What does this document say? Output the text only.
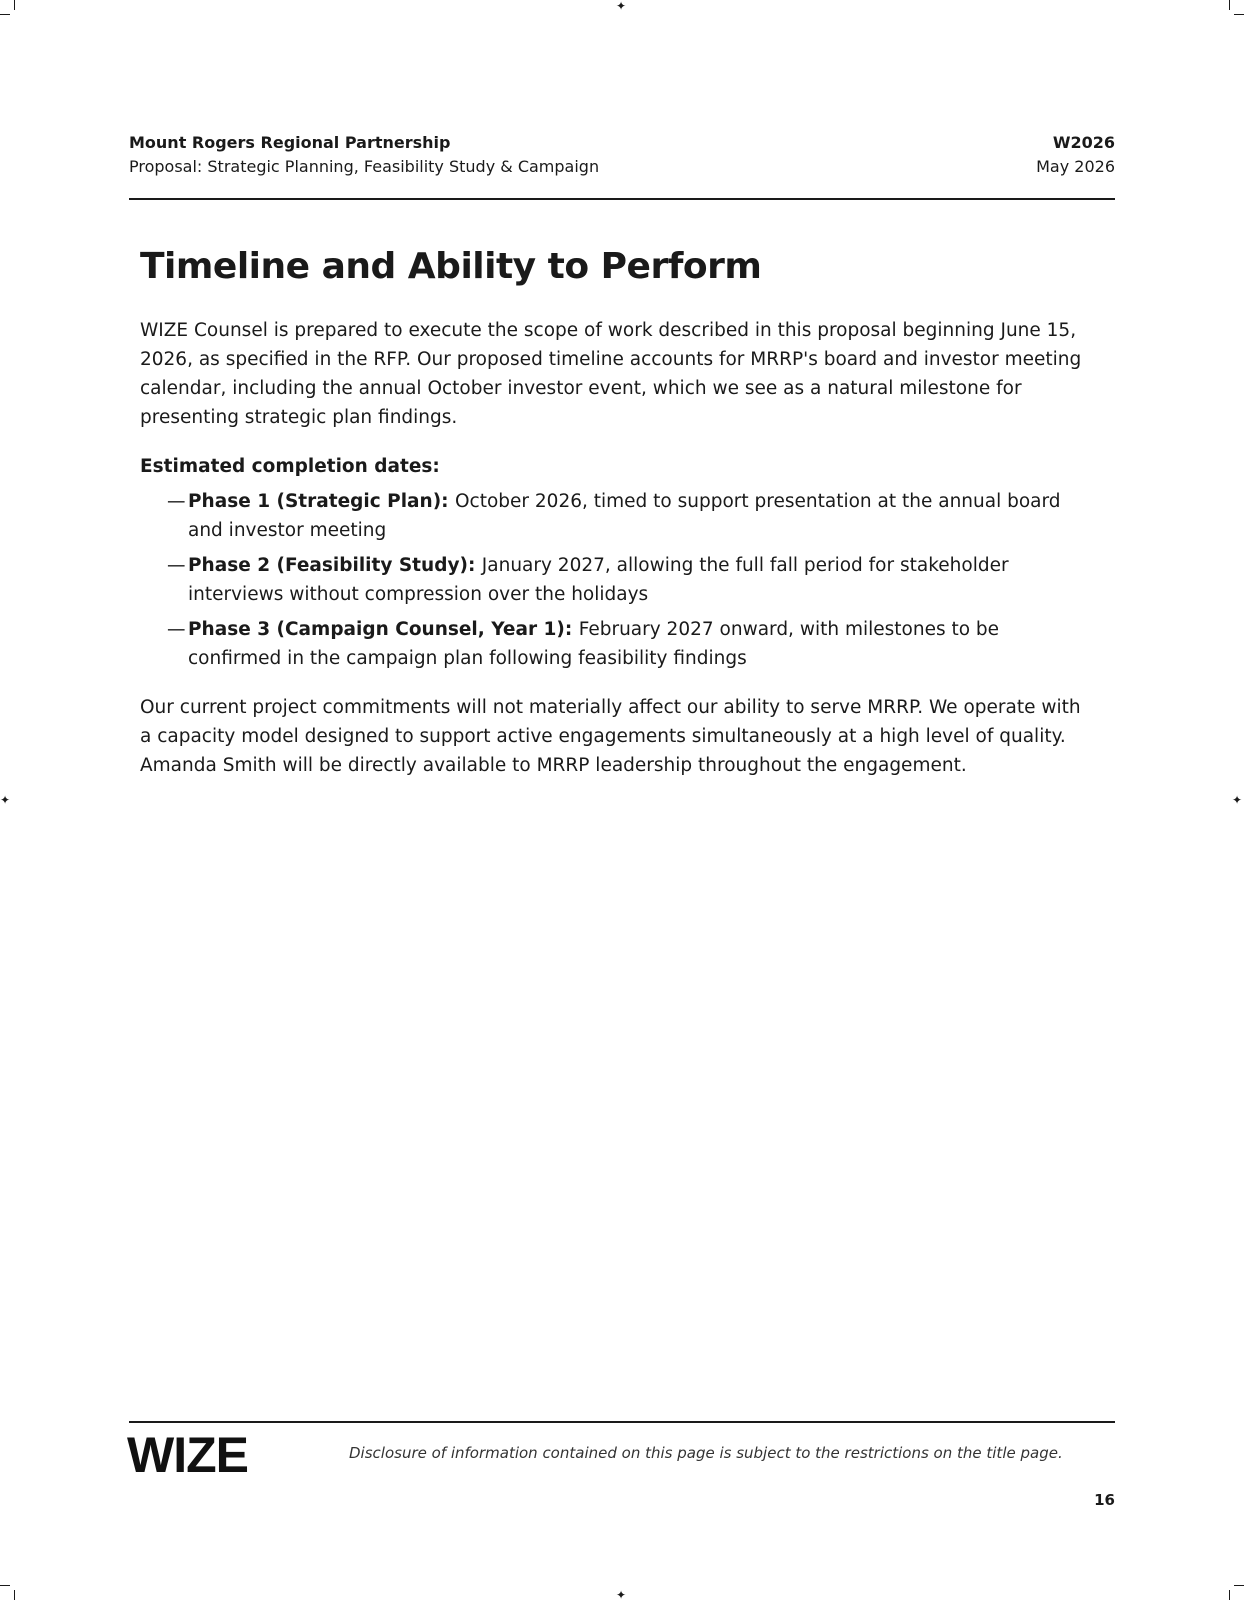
✦
✦
✦	✦
Mount Rogers Regional Partnership
Proposal: Strategic Planning, Feasibility Study & Campaign
W2026
May 2026
Timeline and Ability to Perform

WIZE Counsel is prepared to execute the scope of work described in this proposal beginning June 15, 2026, as specified in the RFP. Our proposed timeline accounts for MRRP's board and investor meeting calendar, including the annual October investor event, which we see as a natural milestone for presenting strategic plan findings.

Estimated completion dates:
— Phase 1 (Strategic Plan): October 2026, timed to support presentation at the annual board and investor meeting
— Phase 2 (Feasibility Study): January 2027, allowing the full fall period for stakeholder interviews without compression over the holidays
— Phase 3 (Campaign Counsel, Year 1): February 2027 onward, with milestones to be confirmed in the campaign plan following feasibility findings

Our current project commitments will not materially affect our ability to serve MRRP. We operate with a capacity model designed to support active engagements simultaneously at a high level of quality. Amanda Smith will be directly available to MRRP leadership throughout the engagement.

WIZE	Disclosure of information contained on this page is subject to the restrictions on the title page.
16
